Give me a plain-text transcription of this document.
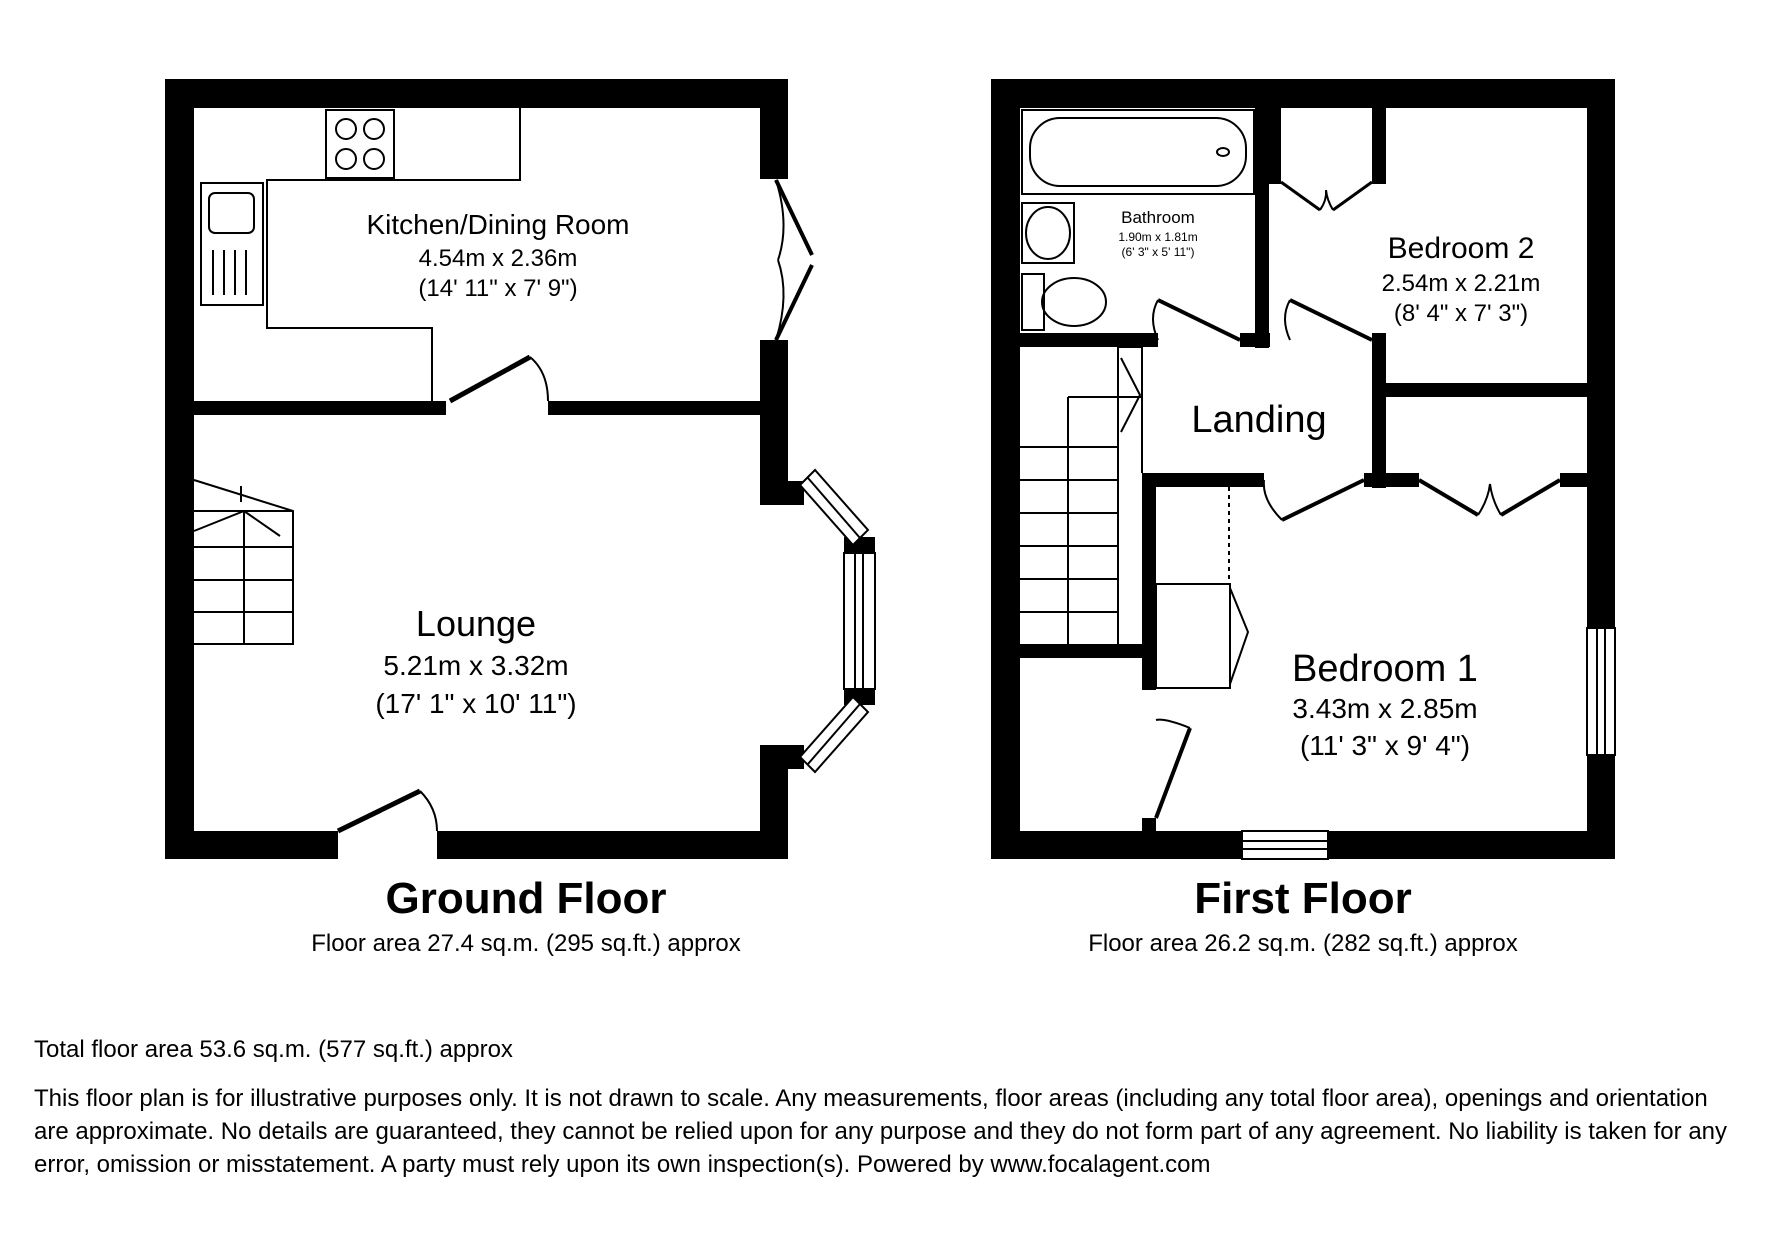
Kitchen/Dining Room
4.54m x 2.36m
(14' 11" x 7' 9")
Lounge
5.21m x 3.32m
(17' 1" x 10' 11")
Bathroom
1.90m x 1.81m
(6' 3" x 5' 11")	Bedroom 2
2.54m x 2.21m
(8' 4" x 7' 3")
Landing
Bedroom 1
3.43m x 2.85m
(11' 3" x 9' 4")
Ground Floor
Floor area 27.4 sq.m. (295 sq.ft.) approx
First Floor
Floor area 26.2 sq.m. (282 sq.ft.) approx
Total floor area 53.6 sq.m. (577 sq.ft.) approx
This floor plan is for illustrative purposes only. It is not drawn to scale. Any measurements, floor areas (including any total floor area), openings and orientation are approximate. No details are guaranteed, they cannot be relied upon for any purpose and they do not form part of any agreement. No liability is taken for any error, omission or misstatement. A party must rely upon its own inspection(s). Powered by www.focalagent.com
